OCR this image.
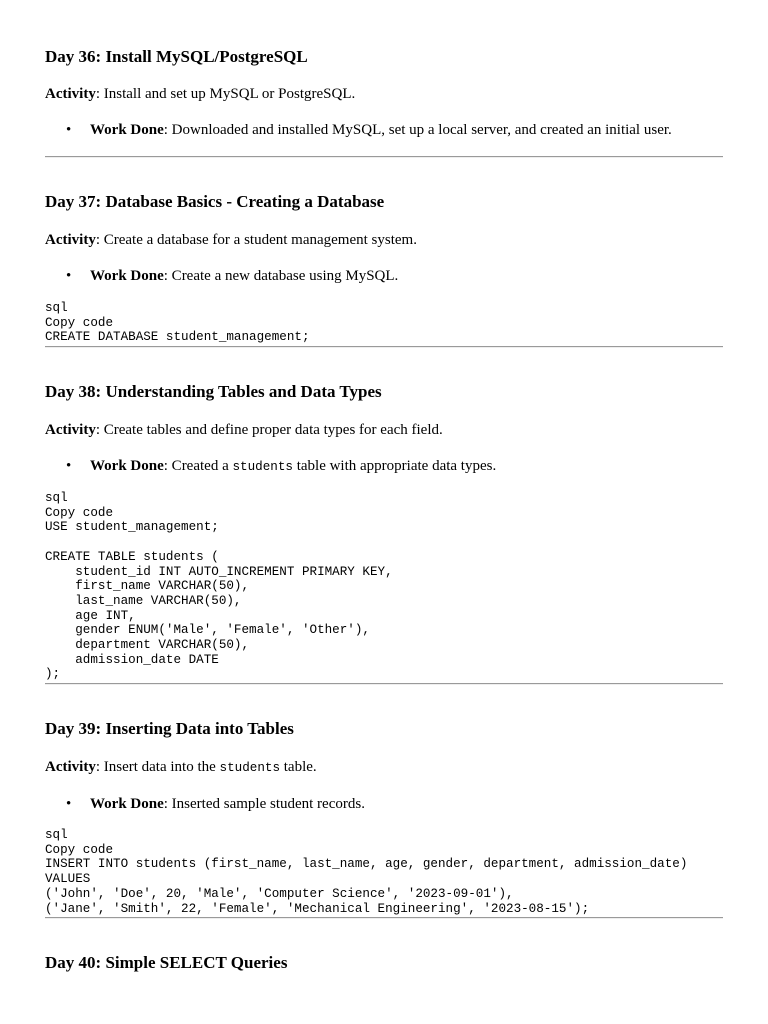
Day 36: Install MySQL/PostgreSQL

Activity: Install and set up MySQL or PostgreSQL.

• Work Done: Downloaded and installed MySQL, set up a local server, and created an initial user.
Day 37: Database Basics - Creating a Database

Activity: Create a database for a student management system.

• Work Done: Create a new database using MySQL.
sql
Copy code
CREATE DATABASE student_management;
Day 38: Understanding Tables and Data Types

Activity: Create tables and define proper data types for each field.

• Work Done: Created a students table with appropriate data types.
sql
Copy code
USE student_management;

CREATE TABLE students (
student_id INT AUTO_INCREMENT PRIMARY KEY,
first_name VARCHAR(50),
last_name VARCHAR(50),
age INT,
gender ENUM('Male', 'Female', 'Other'),
department VARCHAR(50),
admission_date DATE
);
Day 39: Inserting Data into Tables

Activity: Insert data into the students table.

• Work Done: Inserted sample student records.
sql
Copy code
INSERT INTO students (first_name, last_name, age, gender, department, admission_date)
VALUES
('John', 'Doe', 20, 'Male', 'Computer Science', '2023-09-01'),
('Jane', 'Smith', 22, 'Female', 'Mechanical Engineering', '2023-08-15');
Day 40: Simple SELECT Queries
